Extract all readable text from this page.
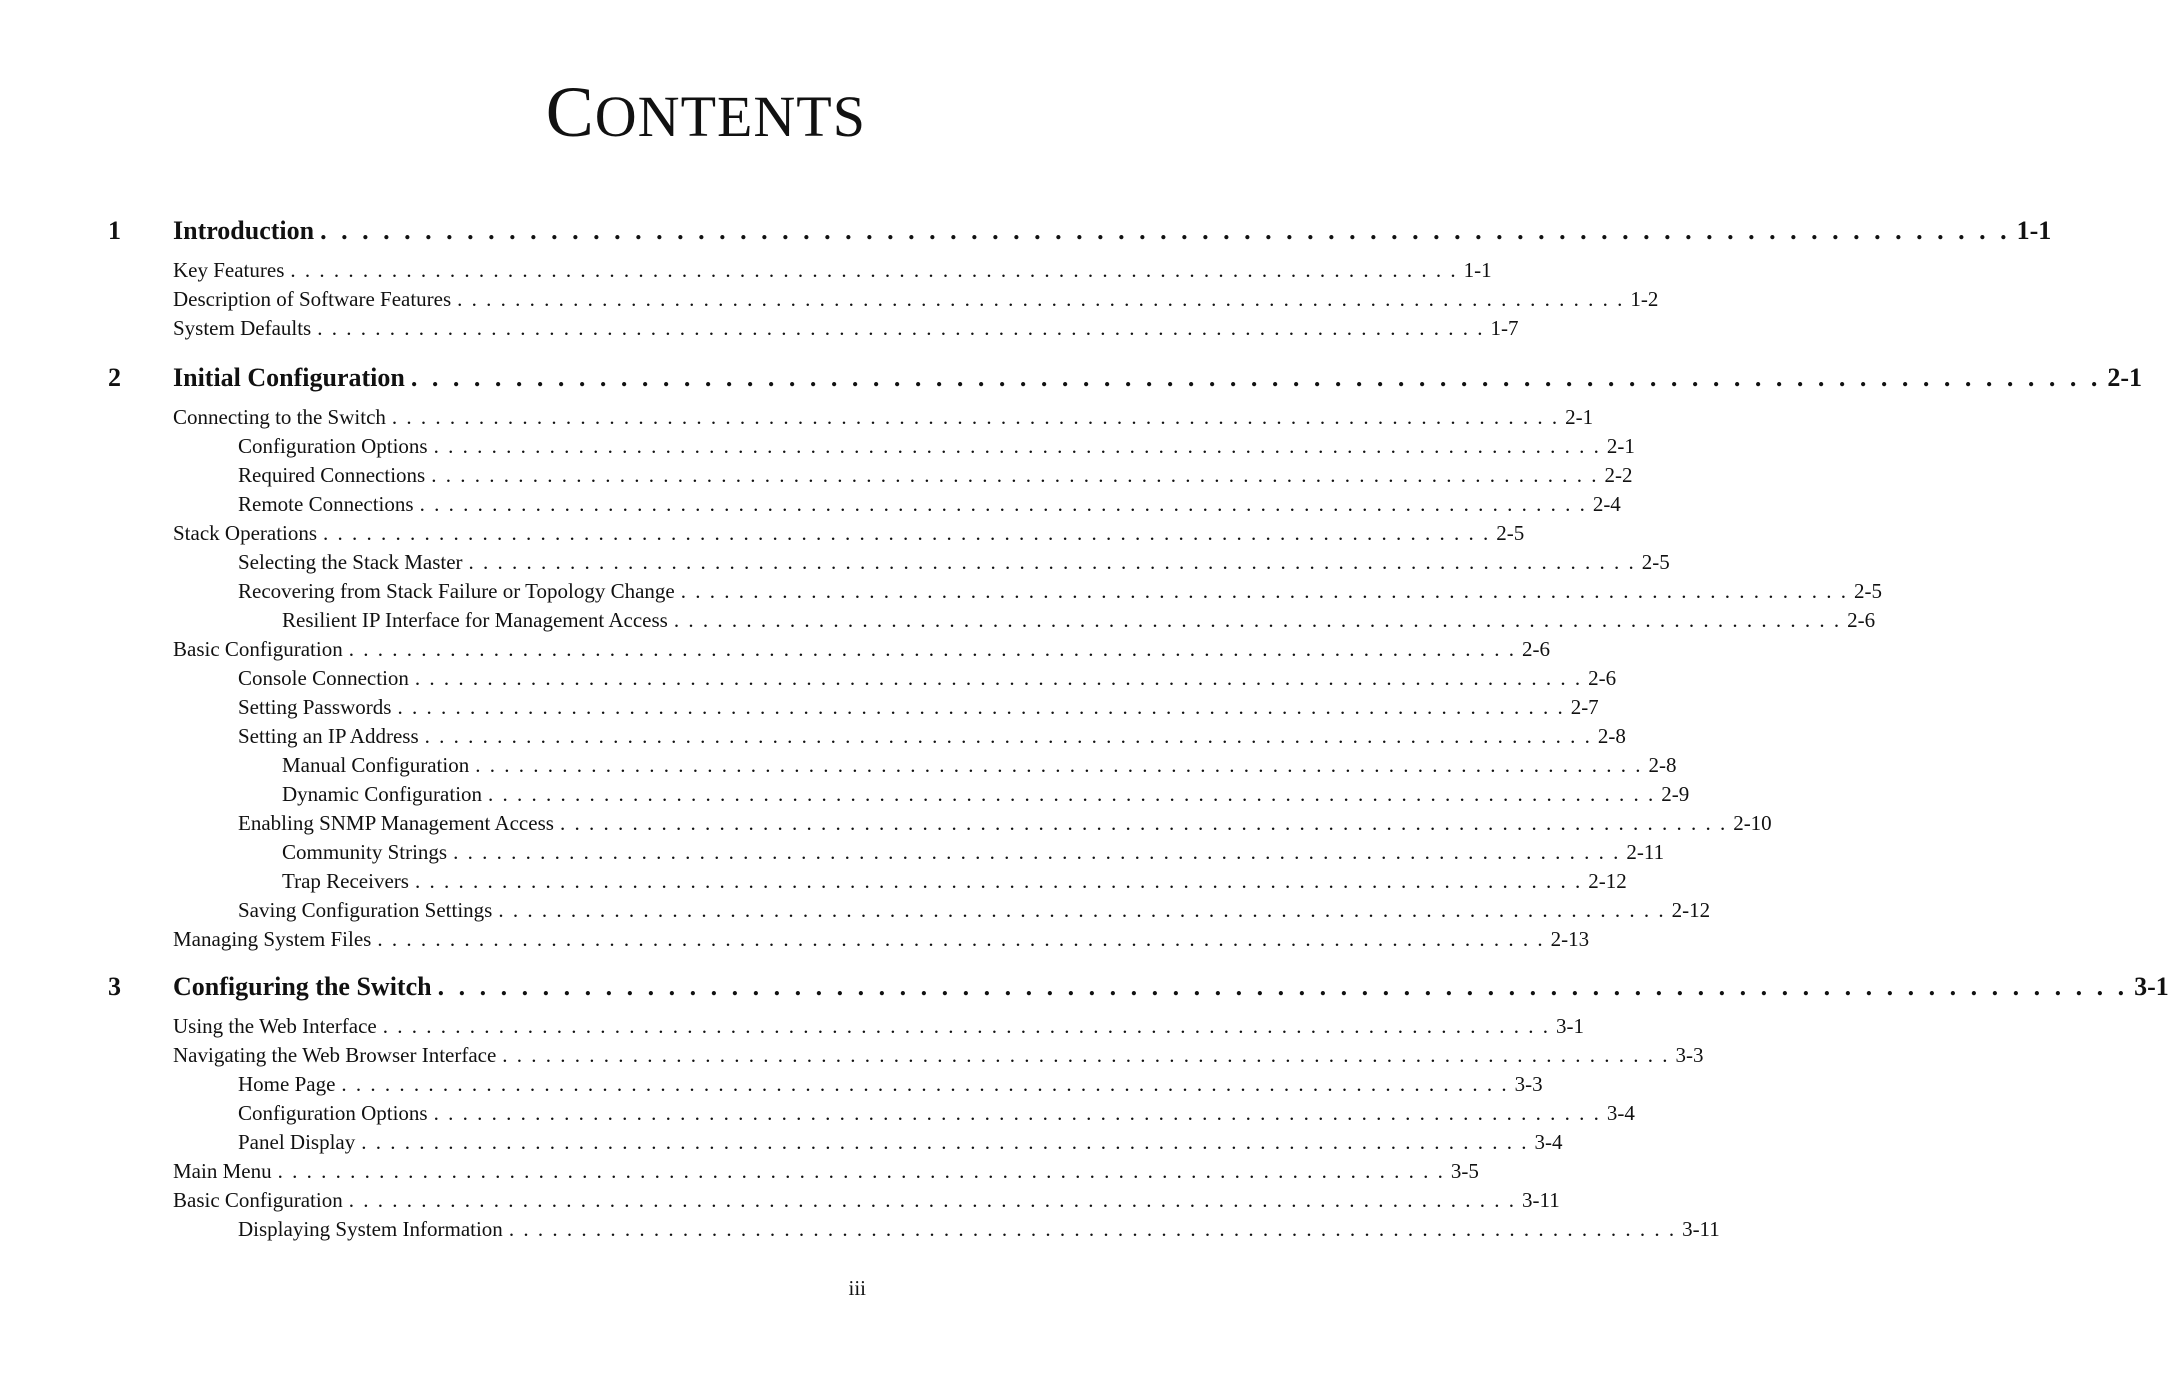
CONTENTS
1	Introduction . . . . . . . . . . . . . . . . . . . . . . . . . . . . . . . . . . . . . . . . . . . . . . . . . . . . . . . . . . . . . . . . . . . . . . . . . . . . . . . . . 1-1
Key Features . . . . . . . . . . . . . . . . . . . . . . . . . . . . . . . . . . . . . . . . . . . . . . . . . . . . . . . . . . . . . . . . . . . . . . . . . . . . . . . . . 1-1
Description of Software Features . . . . . . . . . . . . . . . . . . . . . . . . . . . . . . . . . . . . . . . . . . . . . . . . . . . . . . . . . . . . . . . . . . . . . . . . . . . . . . . . . 1-2
System Defaults . . . . . . . . . . . . . . . . . . . . . . . . . . . . . . . . . . . . . . . . . . . . . . . . . . . . . . . . . . . . . . . . . . . . . . . . . . . . . . . . . 1-7
2	Initial Configuration . . . . . . . . . . . . . . . . . . . . . . . . . . . . . . . . . . . . . . . . . . . . . . . . . . . . . . . . . . . . . . . . . . . . . . . . . . . . . . . . . 2-1
Connecting to the Switch . . . . . . . . . . . . . . . . . . . . . . . . . . . . . . . . . . . . . . . . . . . . . . . . . . . . . . . . . . . . . . . . . . . . . . . . . . . . . . . . . 2-1
Configuration Options . . . . . . . . . . . . . . . . . . . . . . . . . . . . . . . . . . . . . . . . . . . . . . . . . . . . . . . . . . . . . . . . . . . . . . . . . . . . . . . . . 2-1
Required Connections . . . . . . . . . . . . . . . . . . . . . . . . . . . . . . . . . . . . . . . . . . . . . . . . . . . . . . . . . . . . . . . . . . . . . . . . . . . . . . . . . 2-2
Remote Connections . . . . . . . . . . . . . . . . . . . . . . . . . . . . . . . . . . . . . . . . . . . . . . . . . . . . . . . . . . . . . . . . . . . . . . . . . . . . . . . . . 2-4
Stack Operations . . . . . . . . . . . . . . . . . . . . . . . . . . . . . . . . . . . . . . . . . . . . . . . . . . . . . . . . . . . . . . . . . . . . . . . . . . . . . . . . . 2-5
Selecting the Stack Master . . . . . . . . . . . . . . . . . . . . . . . . . . . . . . . . . . . . . . . . . . . . . . . . . . . . . . . . . . . . . . . . . . . . . . . . . . . . . . . . . 2-5
Recovering from Stack Failure or Topology Change . . . . . . . . . . . . . . . . . . . . . . . . . . . . . . . . . . . . . . . . . . . . . . . . . . . . . . . . . . . . . . . . . . . . . . . . . . . . . . . . . 2-5
Resilient IP Interface for Management Access . . . . . . . . . . . . . . . . . . . . . . . . . . . . . . . . . . . . . . . . . . . . . . . . . . . . . . . . . . . . . . . . . . . . . . . . . . . . . . . . . 2-6
Basic Configuration . . . . . . . . . . . . . . . . . . . . . . . . . . . . . . . . . . . . . . . . . . . . . . . . . . . . . . . . . . . . . . . . . . . . . . . . . . . . . . . . . 2-6
Console Connection . . . . . . . . . . . . . . . . . . . . . . . . . . . . . . . . . . . . . . . . . . . . . . . . . . . . . . . . . . . . . . . . . . . . . . . . . . . . . . . . . 2-6
Setting Passwords . . . . . . . . . . . . . . . . . . . . . . . . . . . . . . . . . . . . . . . . . . . . . . . . . . . . . . . . . . . . . . . . . . . . . . . . . . . . . . . . . 2-7
Setting an IP Address . . . . . . . . . . . . . . . . . . . . . . . . . . . . . . . . . . . . . . . . . . . . . . . . . . . . . . . . . . . . . . . . . . . . . . . . . . . . . . . . . 2-8
Manual Configuration . . . . . . . . . . . . . . . . . . . . . . . . . . . . . . . . . . . . . . . . . . . . . . . . . . . . . . . . . . . . . . . . . . . . . . . . . . . . . . . . . 2-8
Dynamic Configuration . . . . . . . . . . . . . . . . . . . . . . . . . . . . . . . . . . . . . . . . . . . . . . . . . . . . . . . . . . . . . . . . . . . . . . . . . . . . . . . . . 2-9
Enabling SNMP Management Access . . . . . . . . . . . . . . . . . . . . . . . . . . . . . . . . . . . . . . . . . . . . . . . . . . . . . . . . . . . . . . . . . . . . . . . . . . . . . . . . . 2-10
Community Strings . . . . . . . . . . . . . . . . . . . . . . . . . . . . . . . . . . . . . . . . . . . . . . . . . . . . . . . . . . . . . . . . . . . . . . . . . . . . . . . . . 2-11
Trap Receivers . . . . . . . . . . . . . . . . . . . . . . . . . . . . . . . . . . . . . . . . . . . . . . . . . . . . . . . . . . . . . . . . . . . . . . . . . . . . . . . . . 2-12
Saving Configuration Settings . . . . . . . . . . . . . . . . . . . . . . . . . . . . . . . . . . . . . . . . . . . . . . . . . . . . . . . . . . . . . . . . . . . . . . . . . . . . . . . . . 2-12
Managing System Files . . . . . . . . . . . . . . . . . . . . . . . . . . . . . . . . . . . . . . . . . . . . . . . . . . . . . . . . . . . . . . . . . . . . . . . . . . . . . . . . . 2-13
3	Configuring the Switch . . . . . . . . . . . . . . . . . . . . . . . . . . . . . . . . . . . . . . . . . . . . . . . . . . . . . . . . . . . . . . . . . . . . . . . . . . . . . . . . . 3-1
Using the Web Interface . . . . . . . . . . . . . . . . . . . . . . . . . . . . . . . . . . . . . . . . . . . . . . . . . . . . . . . . . . . . . . . . . . . . . . . . . . . . . . . . . 3-1
Navigating the Web Browser Interface . . . . . . . . . . . . . . . . . . . . . . . . . . . . . . . . . . . . . . . . . . . . . . . . . . . . . . . . . . . . . . . . . . . . . . . . . . . . . . . . . 3-3
Home Page . . . . . . . . . . . . . . . . . . . . . . . . . . . . . . . . . . . . . . . . . . . . . . . . . . . . . . . . . . . . . . . . . . . . . . . . . . . . . . . . . 3-3
Configuration Options . . . . . . . . . . . . . . . . . . . . . . . . . . . . . . . . . . . . . . . . . . . . . . . . . . . . . . . . . . . . . . . . . . . . . . . . . . . . . . . . . 3-4
Panel Display . . . . . . . . . . . . . . . . . . . . . . . . . . . . . . . . . . . . . . . . . . . . . . . . . . . . . . . . . . . . . . . . . . . . . . . . . . . . . . . . . 3-4
Main Menu . . . . . . . . . . . . . . . . . . . . . . . . . . . . . . . . . . . . . . . . . . . . . . . . . . . . . . . . . . . . . . . . . . . . . . . . . . . . . . . . . 3-5
Basic Configuration . . . . . . . . . . . . . . . . . . . . . . . . . . . . . . . . . . . . . . . . . . . . . . . . . . . . . . . . . . . . . . . . . . . . . . . . . . . . . . . . . 3-11
Displaying System Information . . . . . . . . . . . . . . . . . . . . . . . . . . . . . . . . . . . . . . . . . . . . . . . . . . . . . . . . . . . . . . . . . . . . . . . . . . . . . . . . . 3-11
iii
